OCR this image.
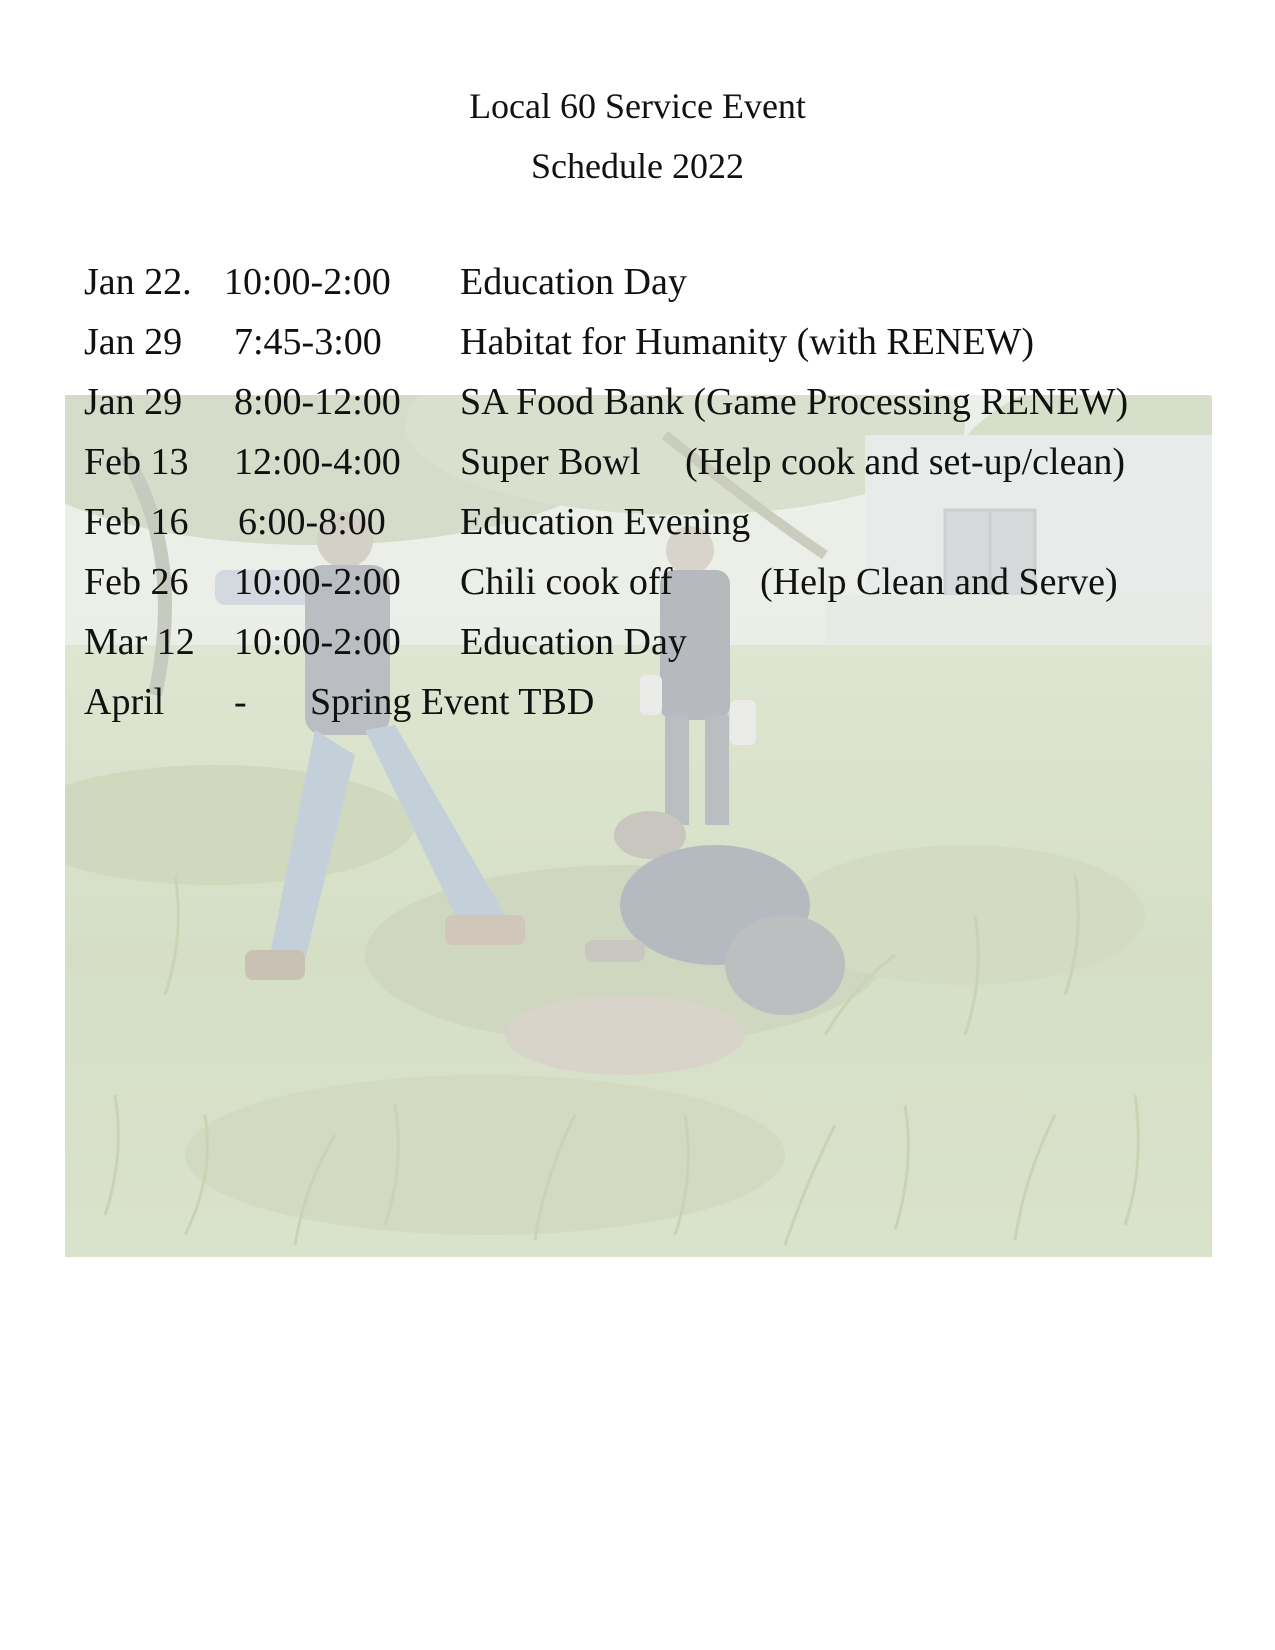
Local 60 Service Event
Schedule 2022
Jan 22. 10:00-2:00 Education Day
Jan 29 7:45-3:00 Habitat for Humanity (with RENEW)
Jan 29 8:00-12:00 SA Food Bank (Game Processing RENEW)
Feb 13 12:00-4:00 Super Bowl (Help cook and set-up/clean)
Feb 16 6:00-8:00 Education Evening
Feb 26 10:00-2:00 Chili cook off (Help Clean and Serve)
Mar 12 10:00-2:00 Education Day
April - Spring Event TBD
